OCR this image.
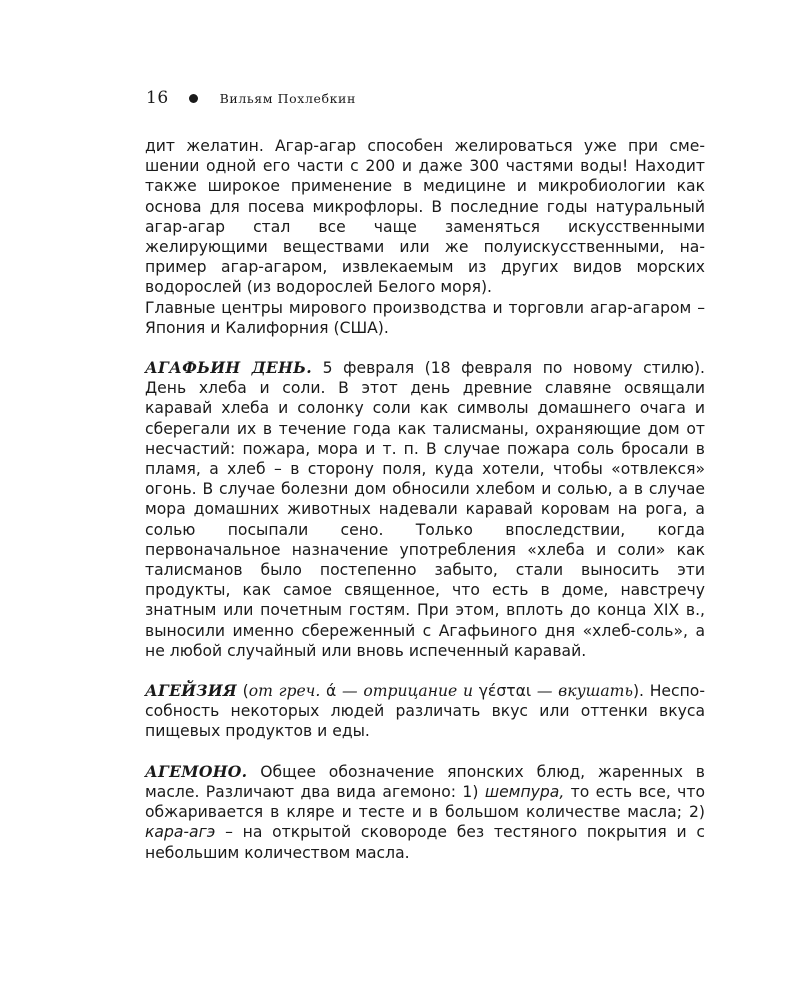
16	Вильям Похлебкин

дит желатин. Агар-агар способен желироваться уже при смешении одной его части с 200 и даже 300 частями воды! Находит также широкое применение в медицине и микробиологии как основа для посева микрофлоры. В последние годы натуральный агар-агар стал все чаще заменяться искусственными желирующими веществами или же полуискусственными, например агар-агаром, извлекаемым из других видов морских водорослей (из водорослей Белого моря).

Главные центры мирового производства и торговли агар-агаром – Япония и Калифорния (США).

АГАФЬИН ДЕНЬ. 5 февраля (18 февраля по новому стилю). День хлеба и соли. В этот день древние славяне освящали каравай хлеба и солонку соли как символы домашнего очага и сберегали их в течение года как талисманы, охраняющие дом от несчастий: пожара, мора и т. п. В случае пожара соль бросали в пламя, а хлеб – в сторону поля, куда хотели, чтобы «отвлекся» огонь. В случае болезни дом обносили хлебом и солью, а в случае мора домашних животных надевали каравай коровам на рога, а солью посыпали сено. Только впоследствии, когда первоначальное назначение употребления «хлеба и соли» как талисманов было постепенно забыто, стали выносить эти продукты, как самое священное, что есть в доме, навстречу знатным или почетным гостям. При этом, вплоть до конца XIX в., выносили именно сбереженный с Агафьиного дня «хлеб-соль», а не любой случайный или вновь испеченный каравай.

АГЕЙЗИЯ (от греч. ά — отрицание и γέσται — вкушать). Неспособность некоторых людей различать вкус или оттенки вкуса пищевых продуктов и еды.

АГЕМОНО. Общее обозначение японских блюд, жаренных в масле. Различают два вида агемоно: 1) шемпура, то есть все, что обжаривается в кляре и тесте и в большом количестве масла; 2) кара-агэ – на открытой сковороде без тестяного покрытия и с небольшим количеством масла.
